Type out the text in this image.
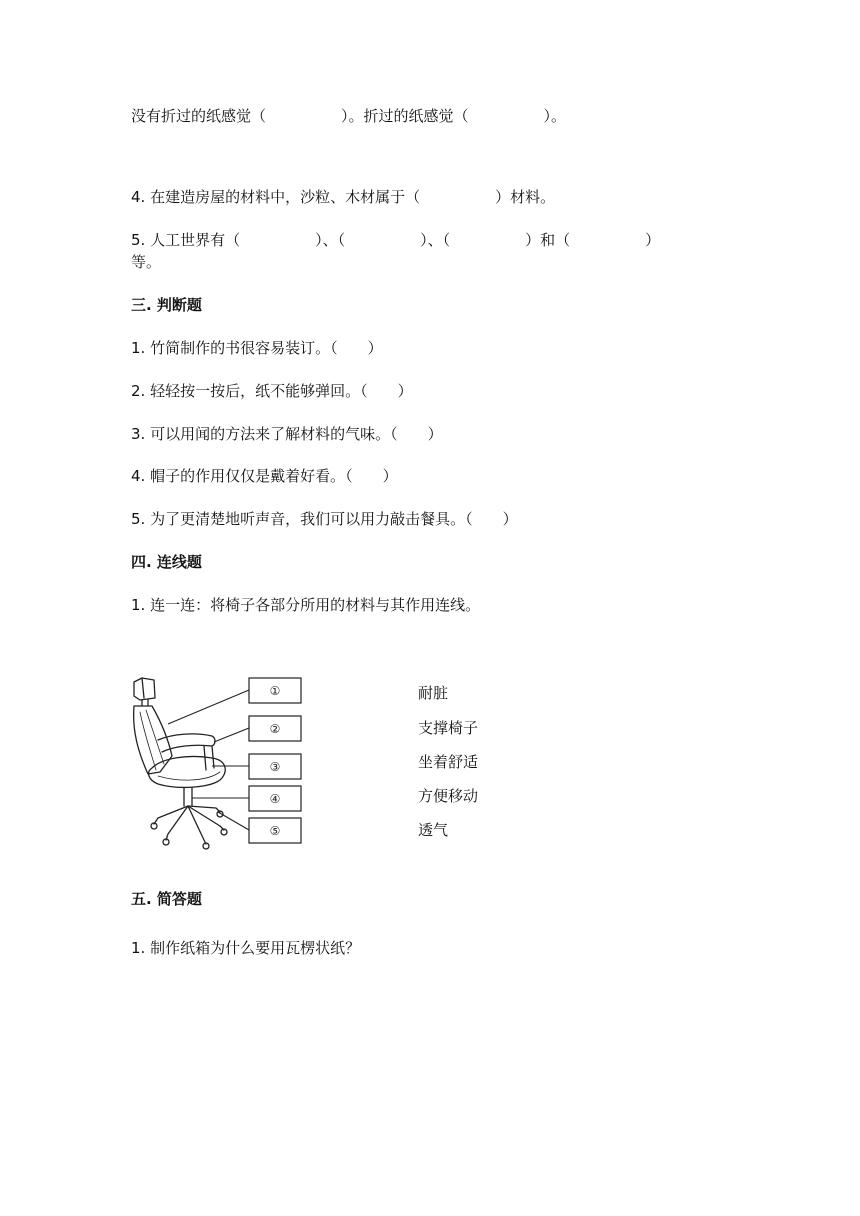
没有折过的纸感觉（　　　　　）。折过的纸感觉（　　　　　）。
4. 在建造房屋的材料中，沙粒、木材属于（　　　　　）材料。
5. 人工世界有（　　　　　）、（　　　　　）、（　　　　　）和（　　　　　）
等。
三. 判断题
1. 竹简制作的书很容易装订。（　　）
2. 轻轻按一按后，纸不能够弹回。（　　）
3. 可以用闻的方法来了解材料的气味。（　　）
4. 帽子的作用仅仅是戴着好看。（　　）
5. 为了更清楚地听声音，我们可以用力敲击餐具。（　　）
四. 连线题
1. 连一连：将椅子各部分所用的材料与其作用连线。
①
②
③
④
⑤
耐脏
支撑椅子
坐着舒适
方便移动
透气
五. 简答题
1. 制作纸箱为什么要用瓦楞状纸？
